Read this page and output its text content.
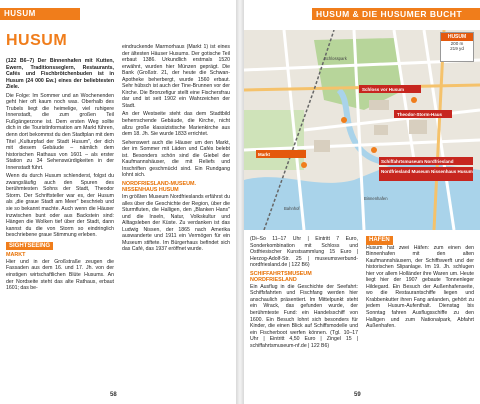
HUSUM
HUSUM

(122 B6–7) Der Binnenhafen mit Kutten, Ewern, Traditionsseglern, Restaurants, Cafés und Fischbrötchenbuden ist in Husum (24 000 Ew.) eines der beliebtesten Ziele.

Die Folge: Im Sommer und an Wochenenden geht hier oft kaum noch was. Oberhalb des Trubels liegt die heimelige, viel ruhigere Innenstadt, die zum großen Teil Fußgängerzone ist. Dem ersten Weg sollte dich in die Touristinformation am Markt führen, denn dort bekommst du den Stadtplan mit dem Titel „Kulturpfad der Stadt Husum", der dich mit diesem Gebäude – nämlich dem historischen Rathaus von 1601 – als erster Station zu 34 Sehenswürdigkeiten in der Innenstadt führt.

Wenn du durch Husum schlenderst, folgst du zwangsläufig auch den Spuren des berühmtesten Sohns der Stadt, Theodor Storm. Der Schriftsteller war es, der Husum als „die graue Stadt am Meer" beschrieb und sie so bekannt machte. Auch wenn die Häuser inzwischen bunt oder aus Backstein sind: Hängen die Wolken tief über der Stadt, dann kannst du die von Storm so eindringlich beschriebene graue Stimmung erleben.

SIGHTSEEING
MARKT

Hier und in der Großstraße zeugen die Fassaden aus dem 16. und 17. Jh. von der einstigen wirtschaftlichen Blüte Husums. An der Nordseite steht das alte Rathaus, erbaut 1601; das be-

eindruckende Marmorhaus (Markt 1) ist eines der ältesten Häuser Husums. Der gotische Teil erbaut 1386. Urkundlich erstmals 1520 erwähnt, wurden hier Münzen geprägt. Die Bank (Großstr. 21, der heute die Schwan-Apotheke beherbergt, wurde 1560 erbaut. Sehr hübsch ist auch der Tine-Brunnen vor der Kirche. Die Bronzefigur stellt eine Fischersfrau dar und ist seit 1902 ein Wahrzeichen der Stadt.

An der Westseite steht das dem Stadtbild beherrschende Gebäude, die Kirche, nicht allzu große klassizistische Marienkirche aus dem 18. Jh. Sie wurde 1833 errichtet.

Sehenswert auch die Häuser um den Markt, der im Sommer mit Läden und Cafés belebt ist. Besonders schön sind die Giebel der Kaufmannshäuser, die mit Reliefs und Inschriften geschmückt sind. Ein Rundgang lohnt sich.

NORDFRIESLAND-MUSEUM. NISSENHAUS HUSUM

Im größten Museum Nordfrieslands erfährst du alles über die Geschichte der Region, über die Sturmfluten, die Halligen, den „Blanken Hans" und die Inseln, Natur, Volkskultur und Alltagsleben der Küste. Zu verdanken ist das Ludwig Nissen, der 1865 nach Amerika auswanderte und 1911 ein Vermögen für ein Museum stiftete. Im Bürgerhaus befindet sich das Café, das 1937 eröffnet wurde.

58
HUSUM & DIE HUSUMER BUCHT
Schloss vor Husum
Theodor-Storm-Haus
Markt
Schiffahrtsmuseum Nordfriesland
Nordfriesland Museum Nissenhaus Husum
Schlosspark
Bahnhof
Binnenhafen
HUSUM
200 m
219 yd

(Di–So 11–17 Uhr | Eintritt 7 Euro, Sonderkombination mit Schloss und Ostfriesischer Kunstsammlung 15 Euro | Herzog-Adolf-Str. 25 | museumsverbund-nordfriesland.de | 122 B6)

SCHIFFAHRTSMUSEUM NORDFRIESLAND

Ein Ausflug in die Geschichte der Seefahrt: Schiffsfahrten und Fischfang werden hier anschaulich präsentiert. Im Mittelpunkt steht ein Wrack, das gefunden wurde, der berühmteste Fund: ein Handelsschiff von 1600. Ein Besuch lohnt sich besonders für Kinder, die einen Blick auf Schiffsmodelle und ein Fischerboot werfen können. (Tgl. 10–17 Uhr | Eintritt 4,50 Euro | Zingel 15 | schiffahrtsmuseum-nf.de | 122 B6)

HAFEN

Husum hat zwei Häfen: zum einen den Binnenhafen mit den alten Kaufmannshäusern, der Schiffswerft und der historischen Slipanlage. Im 19. Jh. schlugen hier vor allem Holländer ihre Waren um. Heute liegt hier der 1907 gebaute Tonnenleger Hildegard. Ein Besuch der Außenhafenseite, wo die Restaurantschiffe liegen und Krabbenkutter ihren Fang anlanden, gehört zu jedem Husum-Aufenthalt. Dienstag bis Sonntag fahren Ausflugsschiffe zu den Halligen und zum Nationalpark, Abfahrt Außenhafen.

59
